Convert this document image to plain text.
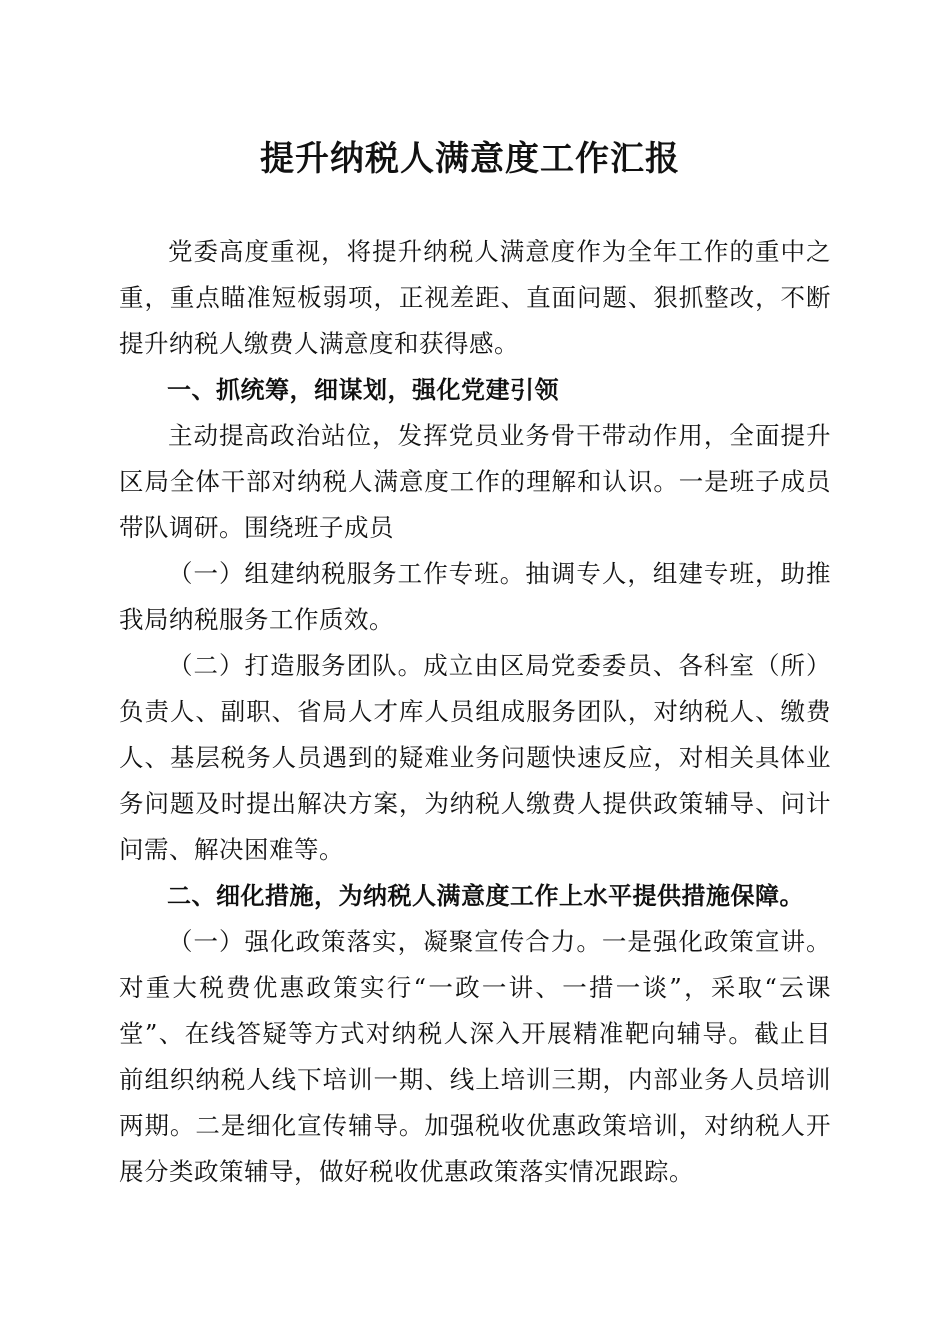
提升纳税人满意度工作汇报

党委高度重视，将提升纳税人满意度作为全年工作的重中之重，重点瞄准短板弱项，正视差距、直面问题、狠抓整改，不断提升纳税人缴费人满意度和获得感。

一、抓统筹，细谋划，强化党建引领

主动提高政治站位，发挥党员业务骨干带动作用，全面提升区局全体干部对纳税人满意度工作的理解和认识。一是班子成员带队调研。围绕班子成员

（一）组建纳税服务工作专班。抽调专人，组建专班，助推我局纳税服务工作质效。

（二）打造服务团队。成立由区局党委委员、各科室（所）负责人、副职、省局人才库人员组成服务团队，对纳税人、缴费人、基层税务人员遇到的疑难业务问题快速反应，对相关具体业务问题及时提出解决方案，为纳税人缴费人提供政策辅导、问计问需、解决困难等。

二、细化措施，为纳税人满意度工作上水平提供措施保障。

（一）强化政策落实，凝聚宣传合力。一是强化政策宣讲。对重大税费优惠政策实行“一政一讲、一措一谈”，采取“云课堂”、在线答疑等方式对纳税人深入开展精准靶向辅导。截止目前组织纳税人线下培训一期、线上培训三期，内部业务人员培训两期。二是细化宣传辅导。加强税收优惠政策培训，对纳税人开展分类政策辅导，做好税收优惠政策落实情况跟踪。
